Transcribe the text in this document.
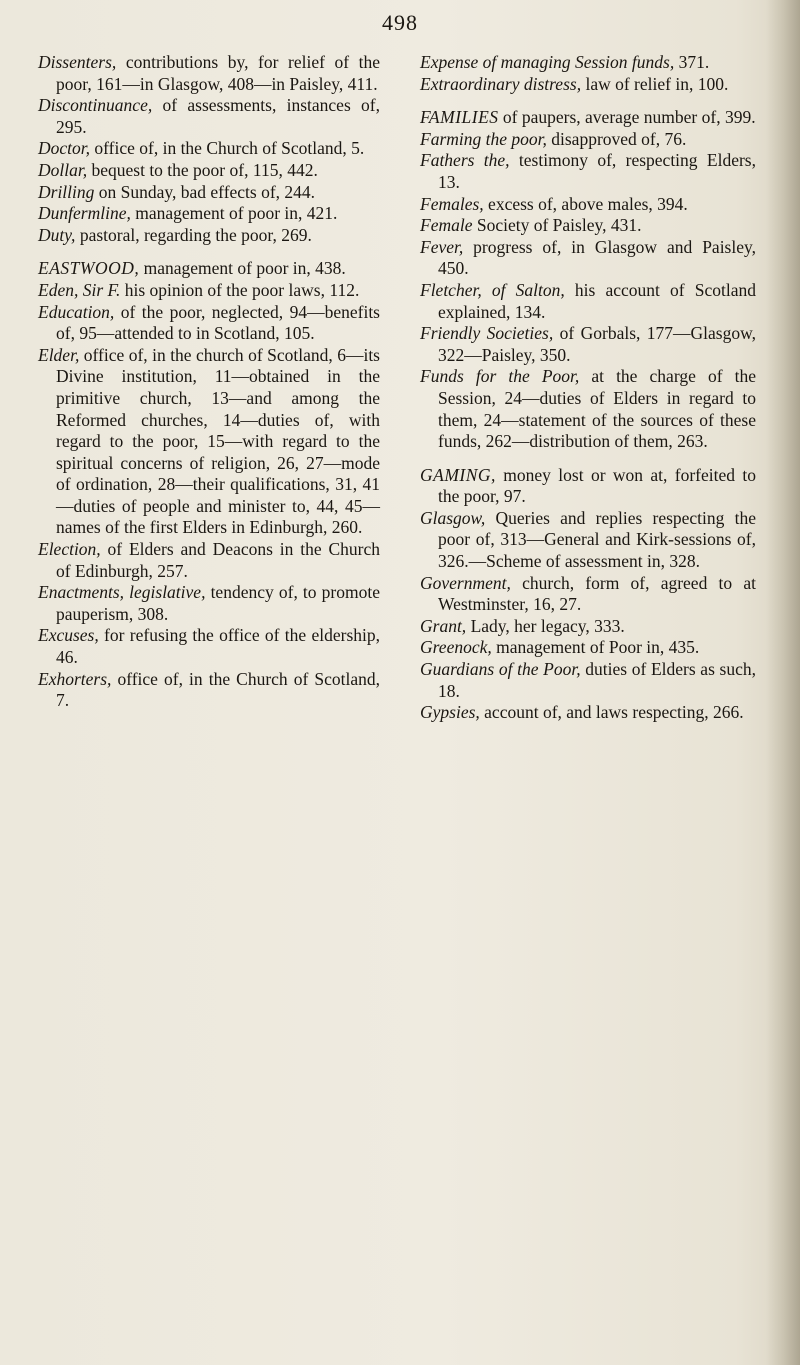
498

Dissenters, contributions by, for relief of the poor, 161—in Glasgow, 408—in Paisley, 411.

Discontinuance, of assessments, instances of, 295.

Doctor, office of, in the Church of Scotland, 5.

Dollar, bequest to the poor of, 115, 442.

Drilling on Sunday, bad effects of, 244.

Dunfermline, management of poor in, 421.

Duty, pastoral, regarding the poor, 269.

EASTWOOD, management of poor in, 438.

Eden, Sir F. his opinion of the poor laws, 112.

Education, of the poor, neglected, 94—benefits of, 95—attended to in Scotland, 105.

Elder, office of, in the church of Scotland, 6—its Divine institution, 11—obtained in the primitive church, 13—and among the Reformed churches, 14—duties of, with regard to the poor, 15—with regard to the spiritual concerns of religion, 26, 27—mode of ordination, 28—their qualifications, 31, 41—duties of people and minister to, 44, 45—names of the first Elders in Edinburgh, 260.

Election, of Elders and Deacons in the Church of Edinburgh, 257.

Enactments, legislative, tendency of, to promote pauperism, 308.

Excuses, for refusing the office of the eldership, 46.

Exhorters, office of, in the Church of Scotland, 7.

Expense of managing Session funds, 371.

Extraordinary distress, law of relief in, 100.

FAMILIES of paupers, average number of, 399.

Farming the poor, disapproved of, 76.

Fathers the, testimony of, respecting Elders, 13.

Females, excess of, above males, 394.

Female Society of Paisley, 431.

Fever, progress of, in Glasgow and Paisley, 450.

Fletcher, of Salton, his account of Scotland explained, 134.

Friendly Societies, of Gorbals, 177—Glasgow, 322—Paisley, 350.

Funds for the Poor, at the charge of the Session, 24—duties of Elders in regard to them, 24—statement of the sources of these funds, 262—distribution of them, 263.

GAMING, money lost or won at, forfeited to the poor, 97.

Glasgow, Queries and replies respecting the poor of, 313—General and Kirk-sessions of, 326.—Scheme of assessment in, 328.

Government, church, form of, agreed to at Westminster, 16, 27.

Grant, Lady, her legacy, 333.

Greenock, management of Poor in, 435.

Guardians of the Poor, duties of Elders as such, 18.

Gypsies, account of, and laws respecting, 266.
